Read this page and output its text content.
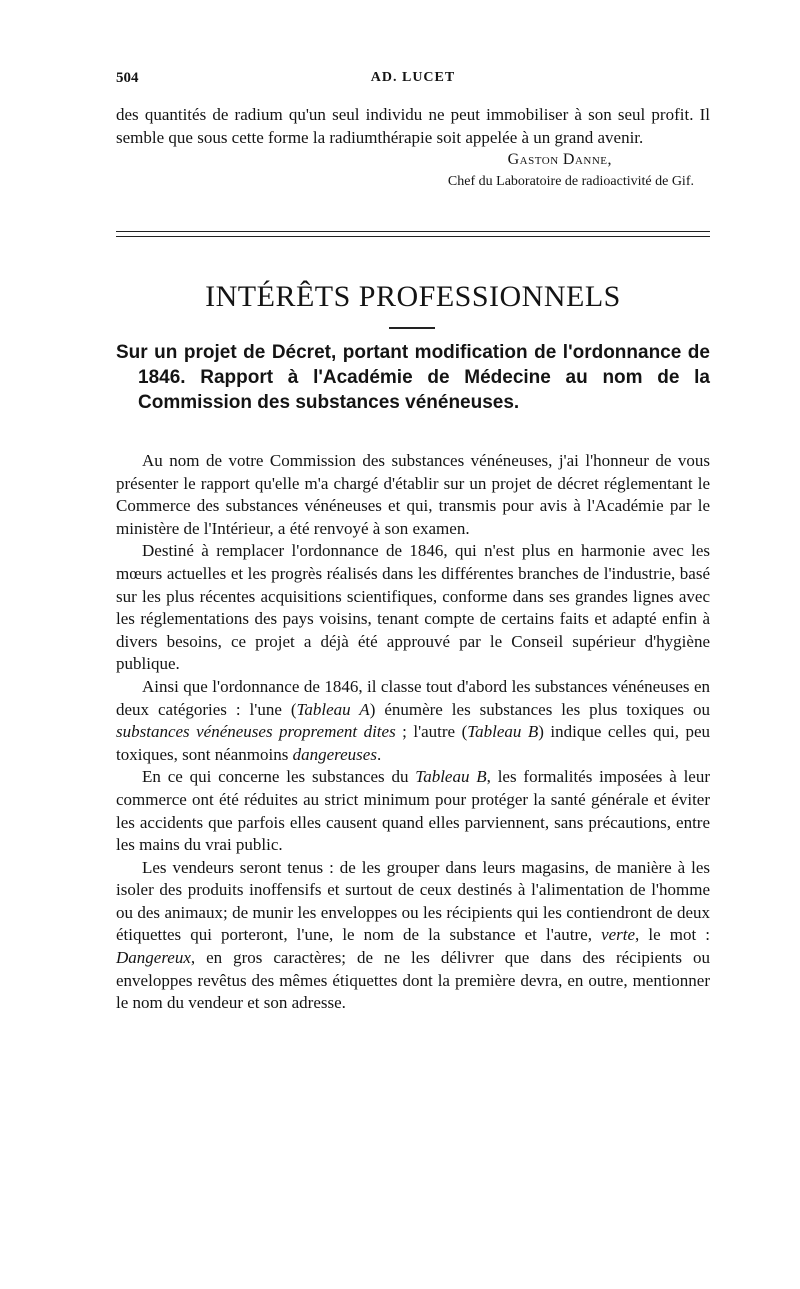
504	AD. LUCET

des quantités de radium qu'un seul individu ne peut immobiliser à son seul profit. Il semble que sous cette forme la radiumthérapie soit appelée à un grand avenir.

Gaston Danne,

Chef du Laboratoire de radioactivité de Gif.

INTÉRÊTS PROFESSIONNELS
Sur un projet de Décret, portant modification de l'ordonnance de 1846. Rapport à l'Académie de Médecine au nom de la Commission des substances vénéneuses.

Au nom de votre Commission des substances vénéneuses, j'ai l'honneur de vous présenter le rapport qu'elle m'a chargé d'établir sur un projet de décret réglementant le Commerce des substances vénéneuses et qui, transmis pour avis à l'Académie par le ministère de l'Intérieur, a été renvoyé à son examen.

Destiné à remplacer l'ordonnance de 1846, qui n'est plus en harmonie avec les mœurs actuelles et les progrès réalisés dans les différentes branches de l'industrie, basé sur les plus récentes acquisitions scientifiques, conforme dans ses grandes lignes avec les réglementations des pays voisins, tenant compte de certains faits et adapté enfin à divers besoins, ce projet a déjà été approuvé par le Conseil supérieur d'hygiène publique.

Ainsi que l'ordonnance de 1846, il classe tout d'abord les substances vénéneuses en deux catégories : l'une (Tableau A) énumère les substances les plus toxiques ou substances vénéneuses proprement dites ; l'autre (Tableau B) indique celles qui, peu toxiques, sont néanmoins dangereuses.

En ce qui concerne les substances du Tableau B, les formalités imposées à leur commerce ont été réduites au strict minimum pour protéger la santé générale et éviter les accidents que parfois elles causent quand elles parviennent, sans précautions, entre les mains du vrai public.

Les vendeurs seront tenus : de les grouper dans leurs magasins, de manière à les isoler des produits inoffensifs et surtout de ceux destinés à l'alimentation de l'homme ou des animaux; de munir les enveloppes ou les récipients qui les contiendront de deux étiquettes qui porteront, l'une, le nom de la substance et l'autre, verte, le mot : Dangereux, en gros caractères; de ne les délivrer que dans des récipients ou enveloppes revêtus des mêmes étiquettes dont la première devra, en outre, mentionner le nom du vendeur et son adresse.
